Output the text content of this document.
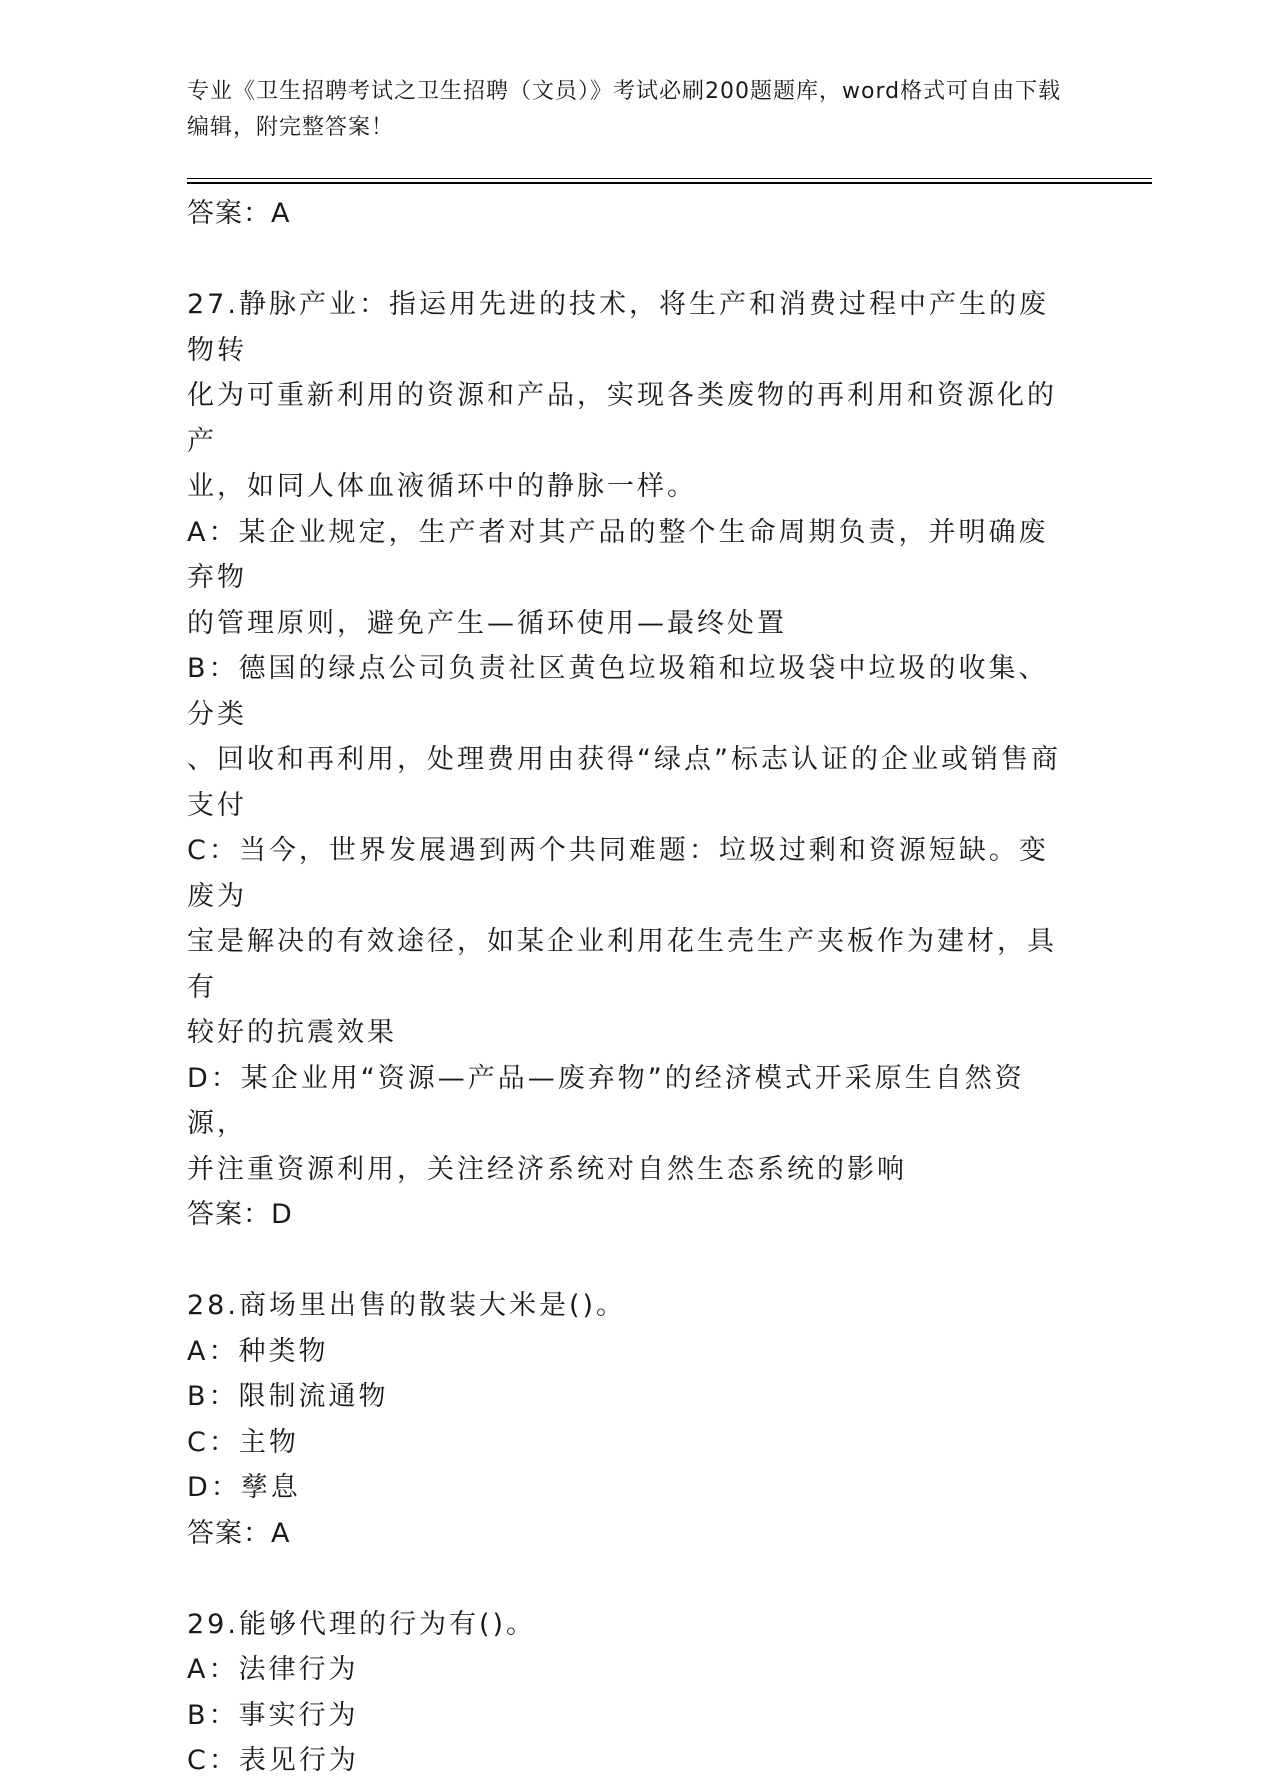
专业《卫生招聘考试之卫生招聘（文员）》考试必刷200题题库，word格式可自由下载编辑，附完整答案！
答案：A
27.静脉产业：指运用先进的技术，将生产和消费过程中产生的废物转
化为可重新利用的资源和产品，实现各类废物的再利用和资源化的产
业，如同人体血液循环中的静脉一样。
A：某企业规定，生产者对其产品的整个生命周期负责，并明确废弃物
的管理原则，避免产生—循环使用—最终处置
B：德国的绿点公司负责社区黄色垃圾箱和垃圾袋中垃圾的收集、分类
、回收和再利用，处理费用由获得“绿点”标志认证的企业或销售商
支付
C：当今，世界发展遇到两个共同难题：垃圾过剩和资源短缺。变废为
宝是解决的有效途径，如某企业利用花生壳生产夹板作为建材，具有
较好的抗震效果
D：某企业用“资源—产品—废弃物”的经济模式开采原生自然资源，
并注重资源利用，关注经济系统对自然生态系统的影响
答案：D
28.商场里出售的散装大米是()。
A：种类物
B：限制流通物
C：主物
D：孳息
答案：A
29.能够代理的行为有()。
A：法律行为
B：事实行为
C：表见行为
